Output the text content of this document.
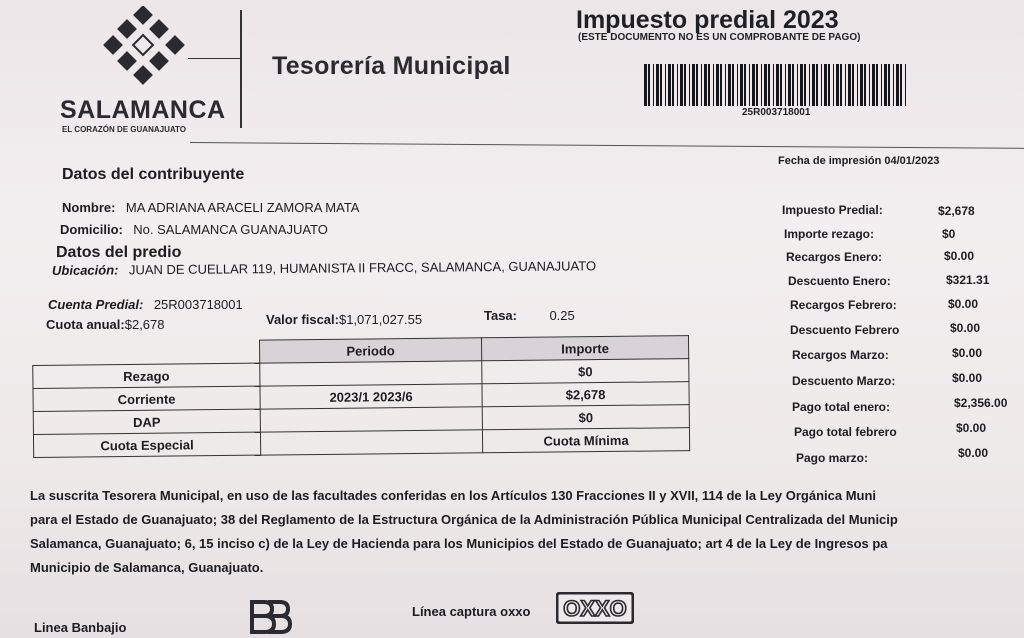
SALAMANCA
EL CORAZÓN DE GUANAJUATO
Tesorería Municipal
Impuesto predial 2023
(ESTE DOCUMENTO NO ES UN COMPROBANTE DE PAGO)
25R003718001
Fecha de impresión 04/01/2023
Datos del contribuyente
Nombre: MA ADRIANA ARACELI ZAMORA MATA
Domicilio: No. SALAMANCA GUANAJUATO
Datos del predio
Ubicación: JUAN DE CUELLAR 119, HUMANISTA II FRACC, SALAMANCA, GUANAJUATO
Cuenta Predial: 25R003718001
Cuota anual:$2,678	Valor fiscal:$1,071,027.55	Tasa: 0.25
	Periodo	Importe
Rezago		$0
Corriente	2023/1 2023/6	$2,678
DAP		$0
Cuota Especial		Cuota Mínima
Impuesto Predial:	$2,678
Importe rezago:	$0
Recargos Enero:	$0.00
Descuento Enero:	$321.31
Recargos Febrero:	$0.00
Descuento Febrero	$0.00
Recargos Marzo:	$0.00
Descuento Marzo:	$0.00
Pago total enero:	$2,356.00
Pago total febrero	$0.00
Pago marzo:	$0.00
La suscrita Tesorera Municipal, en uso de las facultades conferidas en los Artículos 130 Fracciones II y XVII, 114 de la Ley Orgánica Muni
para el Estado de Guanajuato; 38 del Reglamento de la Estructura Orgánica de la Administración Pública Municipal Centralizada del Municip
Salamanca, Guanajuato; 6, 15 inciso c) de la Ley de Hacienda para los Municipios del Estado de Guanajuato; art 4 de la Ley de Ingresos pa
Municipio de Salamanca, Guanajuato.
Linea Banbajio
Línea captura oxxo OXXO
